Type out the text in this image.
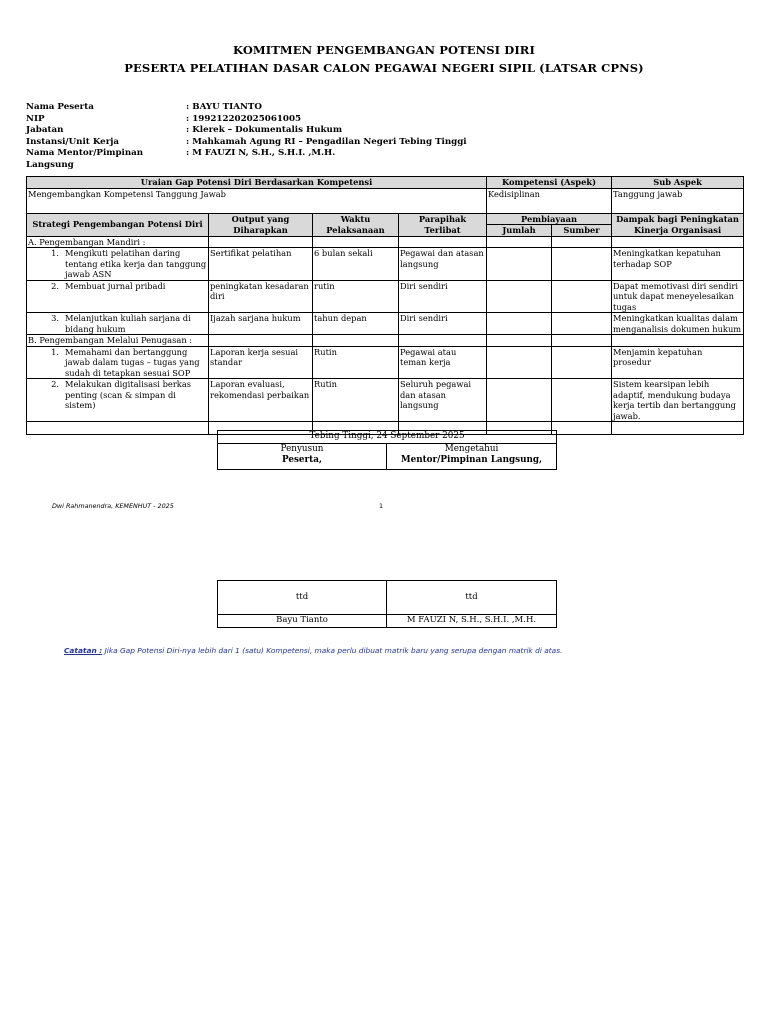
KOMITMEN PENGEMBANGAN POTENSI DIRI
PESERTA PELATIHAN DASAR CALON PEGAWAI NEGERI SIPIL (LATSAR CPNS)
Nama Peserta	: BAYU TIANTO
NIP	: 199212202025061005
Jabatan	: Klerek – Dokumentalis Hukum
Instansi/Unit Kerja	: Mahkamah Agung RI – Pengadilan Negeri Tebing Tinggi
Nama Mentor/Pimpinan Langsung
: M FAUZI N, S.H., S.H.I. ,M.H.
Uraian Gap Potensi Diri Berdasarkan Kompetensi				Kompetensi (Aspek)		Sub Aspek
Mengembangkan Kompetensi Tanggung Jawab				Kedisiplinan		Tanggung jawab
Strategi Pengembangan Potensi Diri	Output yang Diharapkan	Waktu Pelaksanaan	Parapihak Terlibat	Pembiayaan		Dampak bagi Peningkatan Kinerja Organisasi
				Jumlah	Sumber	
A. Pengembangan Mandiri :						

1. Mengikuti pelatihan daring tentang etika kerja dan tanggung jawab ASN	Sertifikat pelatihan	6 bulan sekali	Pegawai dan atasan langsung			Meningkatkan kepatuhan terhadap SOP

2. Membuat jurnal pribadi	peningkatan kesadaran diri	rutin	Diri sendiri			Dapat memotivasi diri sendiri untuk dapat meneyelesaikan tugas

3. Melanjutkan kuliah sarjana di bidang hukum	Ijazah sarjana hukum	tahun depan	Diri sendiri			Meningkatkan kualitas dalam menganalisis dokumen hukum
B. Pengembangan Melalui Penugasan :						

1. Memahami dan bertanggung jawab dalam tugas – tugas yang sudah di tetapkan sesuai SOP	Laporan kerja sesuai standar	Rutin	Pegawai atau teman kerja			Menjamin kepatuhan prosedur

2. Melakukan digitalisasi berkas penting (scan & simpan di sistem)	Laporan evaluasi, rekomendasi perbaikan	Rutin	Seluruh pegawai dan atasan langsung			Sistem kearsipan lebih adaptif, mendukung budaya kerja tertib dan bertanggung jawab.

Tebing Tinggi, 24 September 2025

Penyusun
Peserta,

Mengetahui
Mentor/Pimpinan Langsung,
Dwi Rahmanendra, KEMENHUT - 2025	1
ttd	ttd
Bayu Tianto	M FAUZI N, S.H., S.H.I. ,M.H.
Catatan : Jika Gap Potensi Diri-nya lebih dari 1 (satu) Kompetensi, maka perlu dibuat matrik baru yang serupa dengan matrik di atas.
